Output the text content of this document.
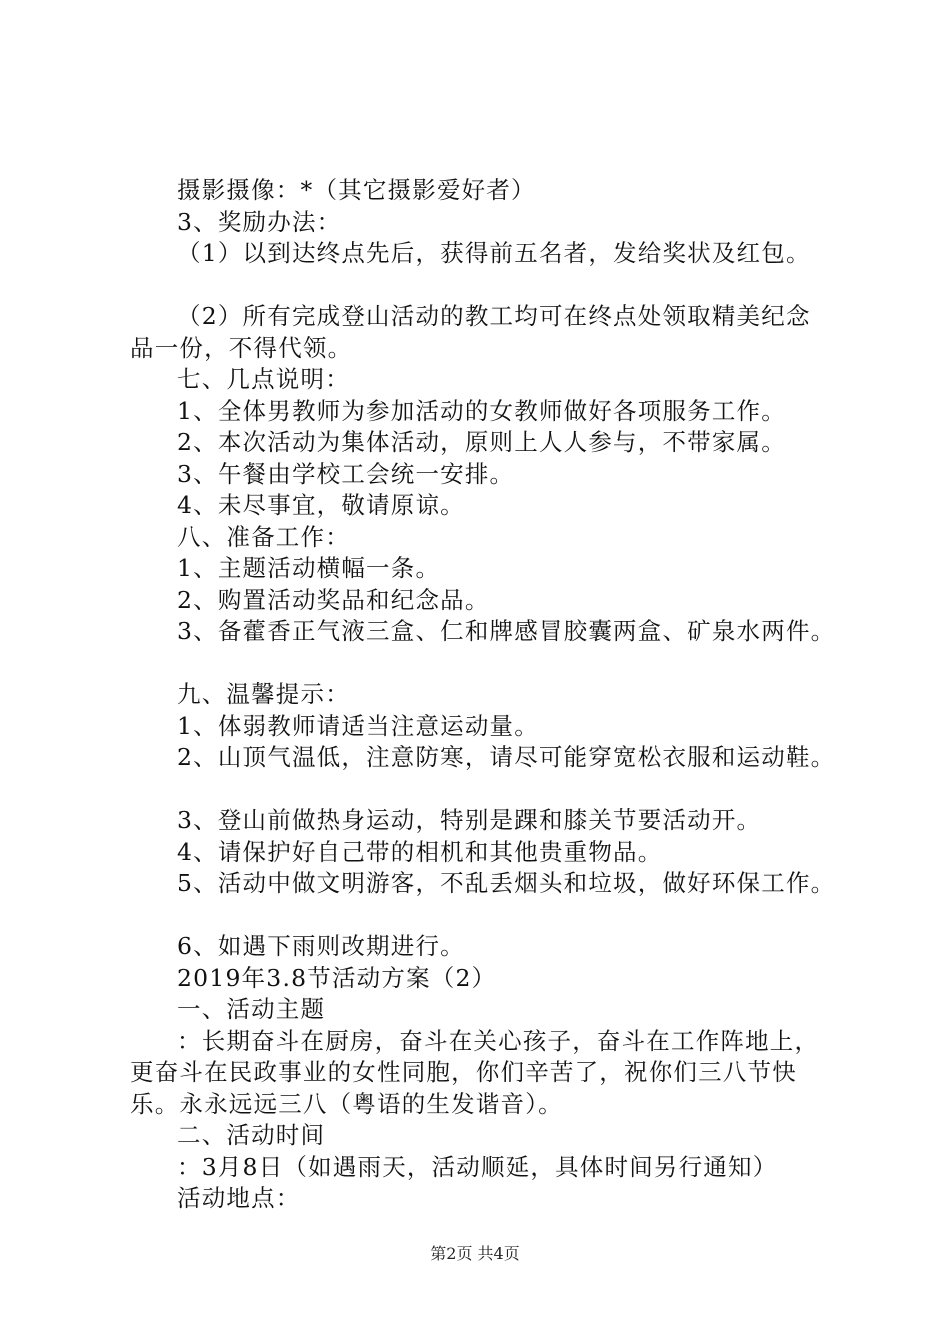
摄影摄像：*（其它摄影爱好者）
3、奖励办法：
（1）以到达终点先后，获得前五名者，发给奖状及红包。
（2）所有完成登山活动的教工均可在终点处领取精美纪念品一份，不得代领。
七、几点说明：
1、全体男教师为参加活动的女教师做好各项服务工作。
2、本次活动为集体活动，原则上人人参与，不带家属。
3、午餐由学校工会统一安排。
4、未尽事宜，敬请原谅。
八、准备工作：
1、主题活动横幅一条。
2、购置活动奖品和纪念品。
3、备藿香正气液三盒、仁和牌感冒胶囊两盒、矿泉水两件。
九、温馨提示：
1、体弱教师请适当注意运动量。
2、山顶气温低，注意防寒，请尽可能穿宽松衣服和运动鞋。
3、登山前做热身运动，特别是踝和膝关节要活动开。
4、请保护好自己带的相机和其他贵重物品。
5、活动中做文明游客，不乱丢烟头和垃圾，做好环保工作。
6、如遇下雨则改期进行。
2019年3.8节活动方案（2）
一、活动主题
：长期奋斗在厨房，奋斗在关心孩子，奋斗在工作阵地上，更奋斗在民政事业的女性同胞，你们辛苦了，祝你们三八节快乐。永永远远三八（粤语的生发谐音）。
二、活动时间
：3月8日（如遇雨天，活动顺延，具体时间另行通知）
活动地点：
第2页 共4页
